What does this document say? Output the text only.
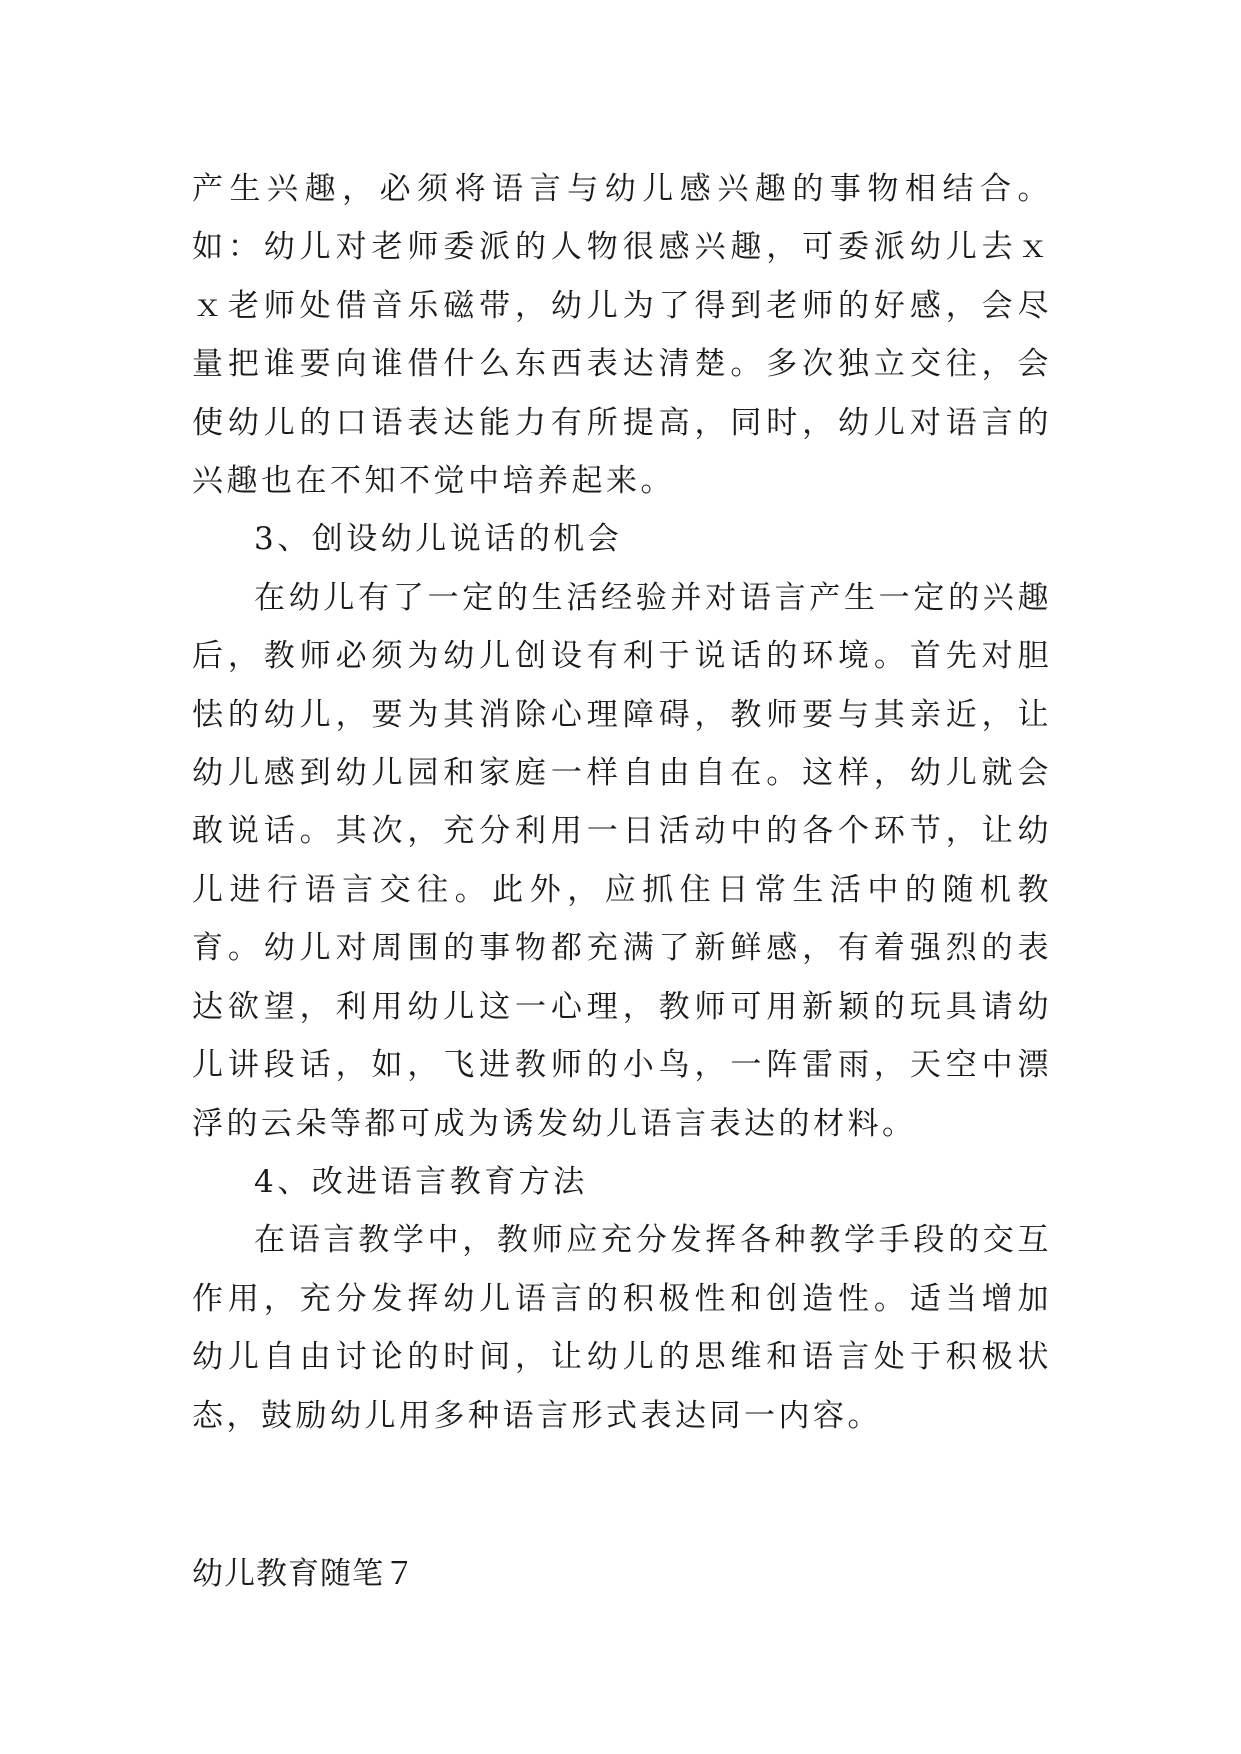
产生兴趣，必须将语言与幼儿感兴趣的事物相结合。如：幼儿对老师委派的人物很感兴趣，可委派幼儿去ｘｘ老师处借音乐磁带，幼儿为了得到老师的好感，会尽量把谁要向谁借什么东西表达清楚。多次独立交往，会使幼儿的口语表达能力有所提高，同时，幼儿对语言的兴趣也在不知不觉中培养起来。

3、创设幼儿说话的机会

在幼儿有了一定的生活经验并对语言产生一定的兴趣后，教师必须为幼儿创设有利于说话的环境。首先对胆怯的幼儿，要为其消除心理障碍，教师要与其亲近，让幼儿感到幼儿园和家庭一样自由自在。这样，幼儿就会敢说话。其次，充分利用一日活动中的各个环节，让幼儿进行语言交往。此外，应抓住日常生活中的随机教育。幼儿对周围的事物都充满了新鲜感，有着强烈的表达欲望，利用幼儿这一心理，教师可用新颖的玩具请幼儿讲段话，如，飞进教师的小鸟，一阵雷雨，天空中漂浮的云朵等都可成为诱发幼儿语言表达的材料。

4、改进语言教育方法

在语言教学中，教师应充分发挥各种教学手段的交互作用，充分发挥幼儿语言的积极性和创造性。适当增加幼儿自由讨论的时间，让幼儿的思维和语言处于积极状态，鼓励幼儿用多种语言形式表达同一内容。

幼儿教育随笔７
